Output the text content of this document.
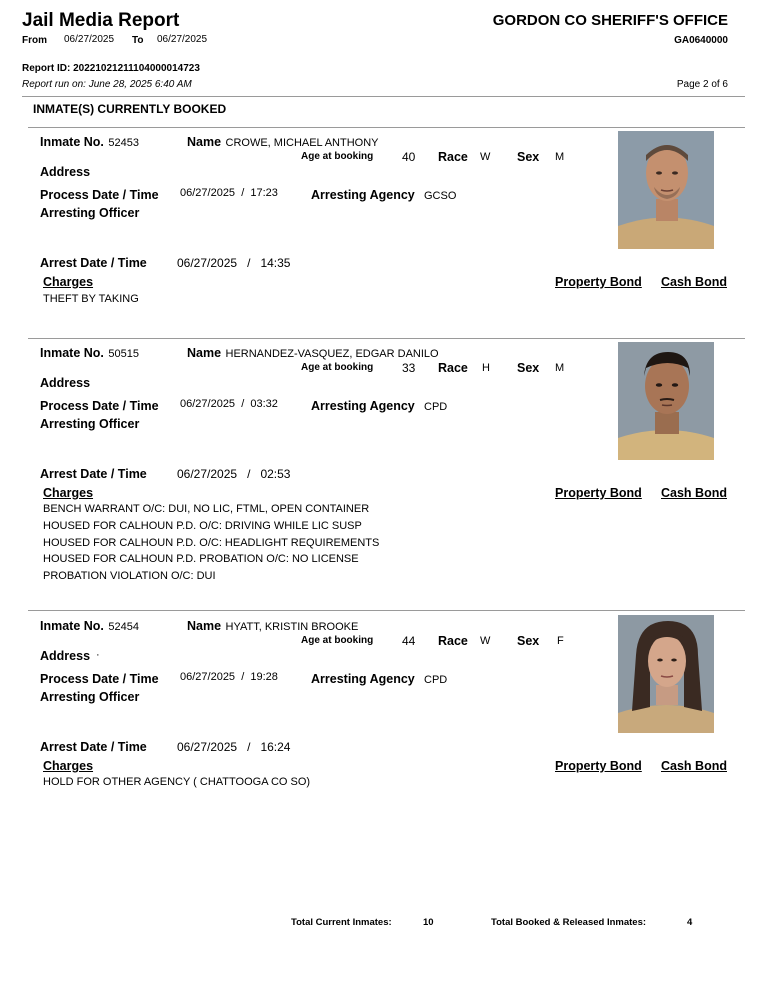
Jail Media Report
From 06/27/2025 To 06/27/2025
GORDON CO SHERIFF'S OFFICE
GA0640000
Report ID: 20221021211104000014723
Report run on: June 28, 2025 6:40 AM	Page 2 of 6
INMATE(S) CURRENTLY BOOKED
Inmate No. 52453	Name CROWE, MICHAEL ANTHONY
Age at booking 40 Race W Sex M
Address
Process Date / Time 06/27/2025 / 17:23	Arresting Agency GCSO
Arresting Officer
Arrest Date / Time	06/27/2025 / 14:35
Charges	Property Bond Cash Bond
THEFT BY TAKING
Inmate No. 50515	Name HERNANDEZ-VASQUEZ, EDGAR DANILO
Age at booking 33 Race H Sex M
Address
Process Date / Time 06/27/2025 / 03:32	Arresting Agency CPD
Arresting Officer
Arrest Date / Time	06/27/2025 / 02:53
Charges	Property Bond Cash Bond
BENCH WARRANT O/C: DUI, NO LIC, FTML, OPEN CONTAINER
HOUSED FOR CALHOUN P.D. O/C: DRIVING WHILE LIC SUSP
HOUSED FOR CALHOUN P.D. O/C: HEADLIGHT REQUIREMENTS
HOUSED FOR CALHOUN P.D. PROBATION O/C: NO LICENSE
PROBATION VIOLATION O/C: DUI
Inmate No. 52454	Name HYATT, KRISTIN BROOKE
Age at booking 44 Race W Sex F
Address ·
Process Date / Time 06/27/2025 / 19:28	Arresting Agency CPD
Arresting Officer
Arrest Date / Time	06/27/2025 / 16:24
Charges	Property Bond Cash Bond
HOLD FOR OTHER AGENCY ( CHATTOOGA CO SO)
Total Current Inmates:	10	Total Booked & Released Inmates:	4
